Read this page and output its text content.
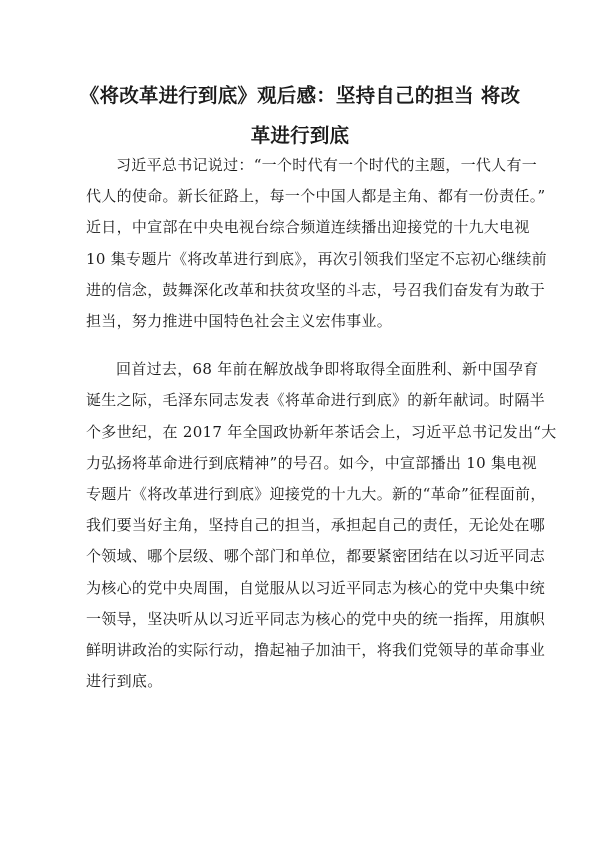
《将改革进行到底》观后感：坚持自己的担当 将改
革进行到底

习近平总书记说过：“一个时代有一个时代的主题，一代人有一
代人的使命。新长征路上，每一个中国人都是主角、都有一份责任。”
近日，中宣部在中央电视台综合频道连续播出迎接党的十九大电视
10 集专题片《将改革进行到底》，再次引领我们坚定不忘初心继续前
进的信念，鼓舞深化改革和扶贫攻坚的斗志，号召我们奋发有为敢于
担当，努力推进中国特色社会主义宏伟事业。

回首过去，68 年前在解放战争即将取得全面胜利、新中国孕育
诞生之际，毛泽东同志发表《将革命进行到底》的新年献词。时隔半
个多世纪，在 2017 年全国政协新年茶话会上，习近平总书记发出“大
力弘扬将革命进行到底精神”的号召。如今，中宣部播出 10 集电视
专题片《将改革进行到底》迎接党的十九大。新的“革命”征程面前，
我们要当好主角，坚持自己的担当，承担起自己的责任，无论处在哪
个领域、哪个层级、哪个部门和单位，都要紧密团结在以习近平同志
为核心的党中央周围，自觉服从以习近平同志为核心的党中央集中统
一领导，坚决听从以习近平同志为核心的党中央的统一指挥，用旗帜
鲜明讲政治的实际行动，撸起袖子加油干，将我们党领导的革命事业
进行到底。
